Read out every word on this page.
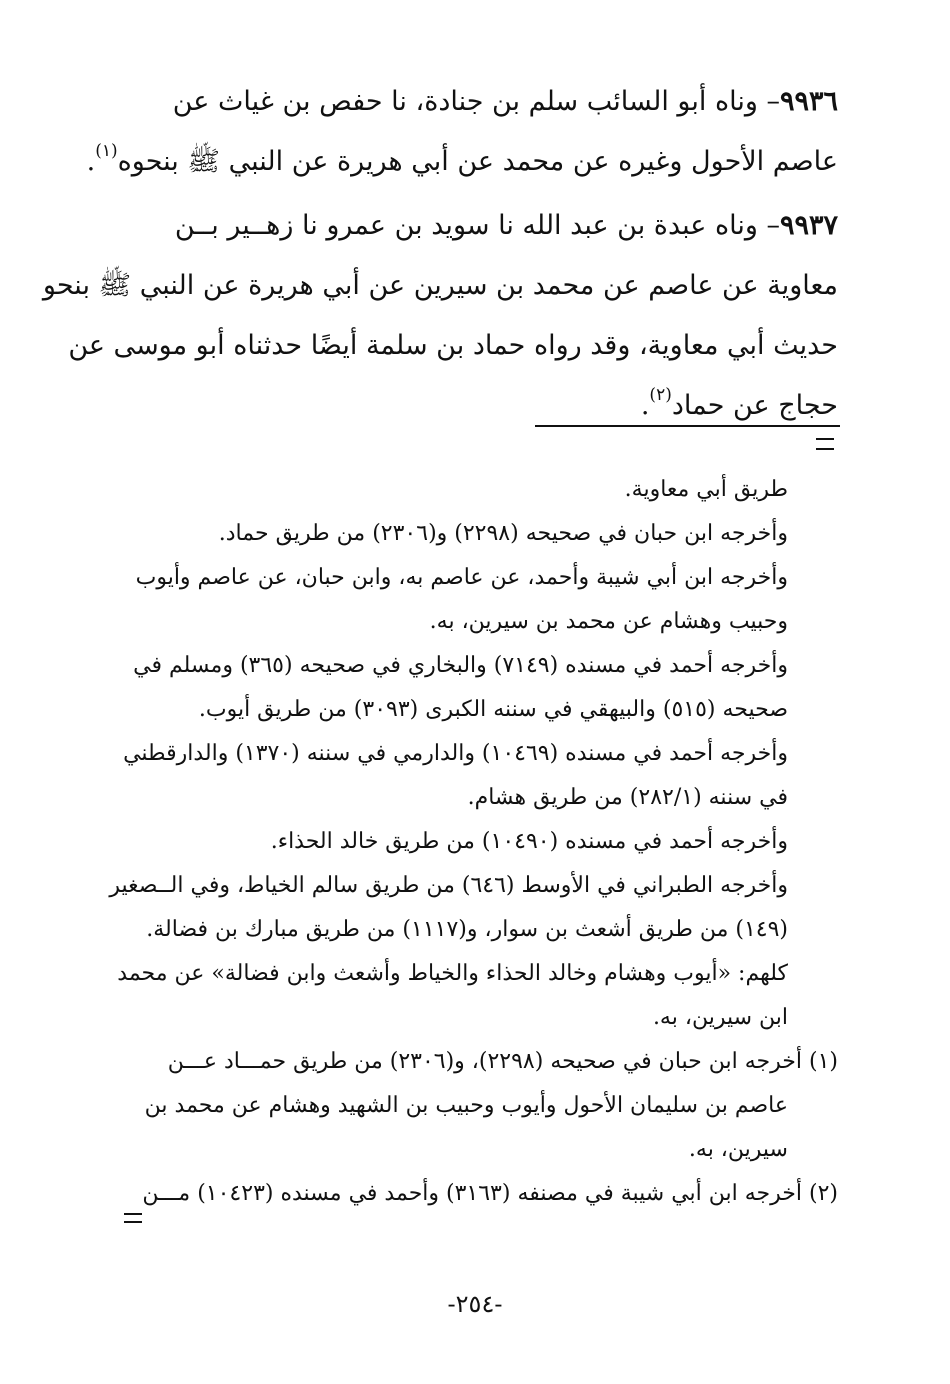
٩٩٣٦– وناه أبو السائب سلم بن جنادة، نا حفص بن غياث عن
عاصم الأحول وغيره عن محمد عن أبي هريرة عن النبي ﷺ بنحوه$^{(١)}$.
٩٩٣٧– وناه عبدة بن عبد الله نا سويد بن عمرو نا زهــير بــن
معاوية عن عاصم عن محمد بن سيرين عن أبي هريرة عن النبي ﷺ بنحو
حديث أبي معاوية، وقد رواه حماد بن سلمة أيضًا حدثناه أبو موسى عن
حجاج عن حماد$^{(٢)}$.
طريق أبي معاوية.
وأخرجه ابن حبان في صحيحه (٢٢٩٨) و(٢٣٠٦) من طريق حماد.
وأخرجه ابن أبي شيبة وأحمد، عن عاصم به، وابن حبان، عن عاصم وأيوب
وحبيب وهشام عن محمد بن سيرين، به.
وأخرجه أحمد في مسنده (٧١٤٩) والبخاري في صحيحه (٣٦٥) ومسلم في
صحيحه (٥١٥) والبيهقي في سننه الكبرى (٣٠٩٣) من طريق أيوب.
وأخرجه أحمد في مسنده (١٠٤٦٩) والدارمي في سننه (١٣٧٠) والدارقطني
في سننه (٢٨٢/١) من طريق هشام.
وأخرجه أحمد في مسنده (١٠٤٩٠) من طريق خالد الحذاء.
وأخرجه الطبراني في الأوسط (٦٤٦) من طريق سالم الخياط، وفي الــصغير
(١٤٩) من طريق أشعث بن سوار، و(١١١٧) من طريق مبارك بن فضالة.
كلهم: «أيوب وهشام وخالد الحذاء والخياط وأشعث وابن فضالة» عن محمد
ابن سيرين، به.
(١) أخرجه ابن حبان في صحيحه (٢٢٩٨)، و(٢٣٠٦) من طريق حمـــاد عـــن
عاصم بن سليمان الأحول وأيوب وحبيب بن الشهيد وهشام عن محمد بن
سيرين، به.
(٢) أخرجه ابن أبي شيبة في مصنفه (٣١٦٣) وأحمد في مسنده (١٠٤٢٣) مـــن
-٢٥٤-
